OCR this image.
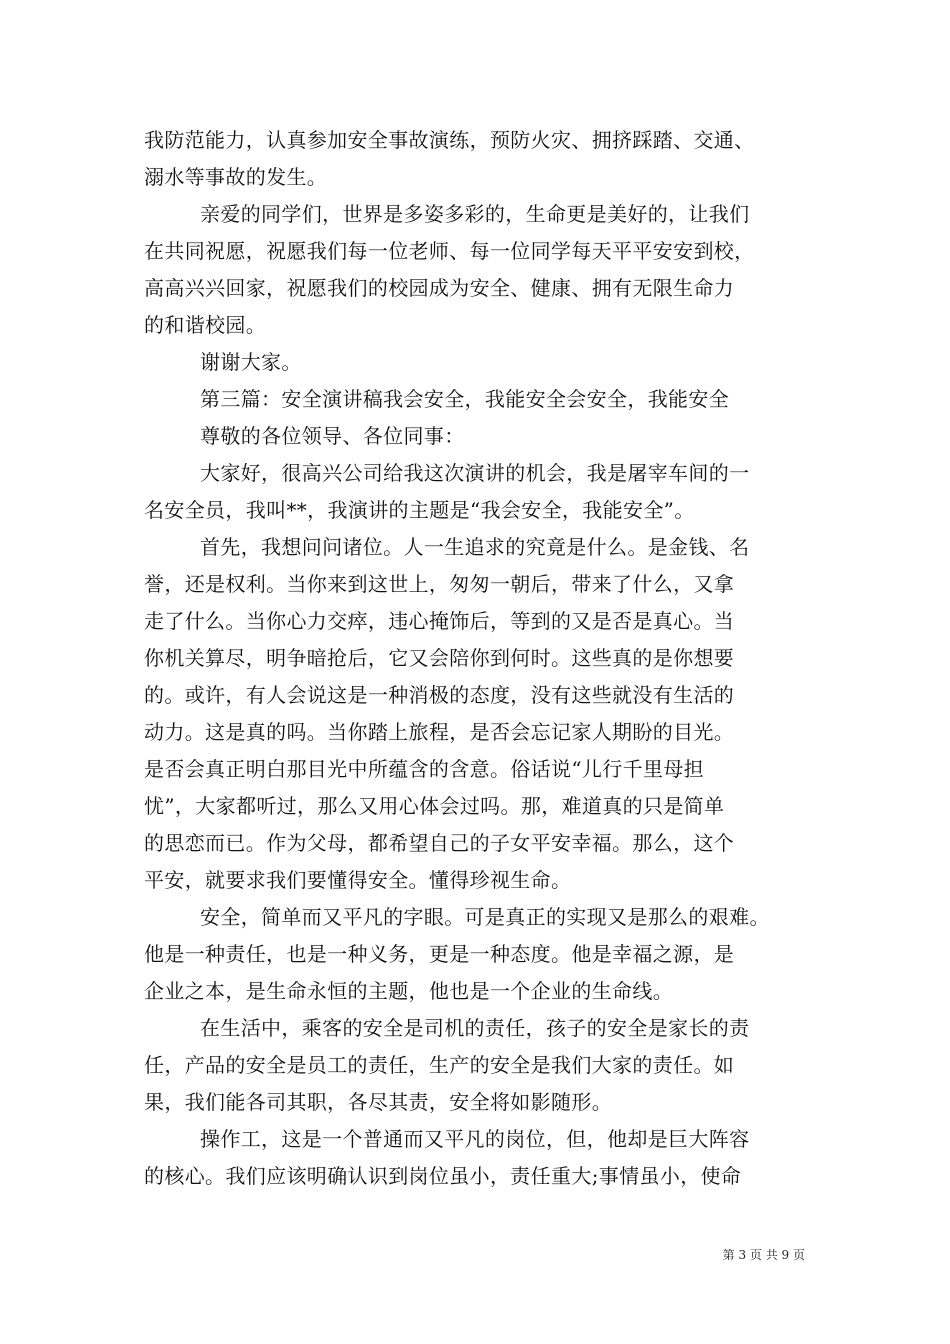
我防范能力，认真参加安全事故演练，预防火灾、拥挤踩踏、交通、
溺水等事故的发生。
亲爱的同学们，世界是多姿多彩的，生命更是美好的，让我们
在共同祝愿，祝愿我们每一位老师、每一位同学每天平平安安到校，
高高兴兴回家，祝愿我们的校园成为安全、健康、拥有无限生命力
的和谐校园。
谢谢大家。
第三篇：安全演讲稿我会安全，我能安全会安全，我能安全
尊敬的各位领导、各位同事：
大家好，很高兴公司给我这次演讲的机会，我是屠宰车间的一
名安全员，我叫**，我演讲的主题是“我会安全，我能安全”。
首先，我想问问诸位。人一生追求的究竟是什么。是金钱、名
誉，还是权利。当你来到这世上，匆匆一朝后，带来了什么，又拿
走了什么。当你心力交瘁，违心掩饰后，等到的又是否是真心。当
你机关算尽，明争暗抢后，它又会陪你到何时。这些真的是你想要
的。或许，有人会说这是一种消极的态度，没有这些就没有生活的
动力。这是真的吗。当你踏上旅程，是否会忘记家人期盼的目光。
是否会真正明白那目光中所蕴含的含意。俗话说“儿行千里母担
忧”，大家都听过，那么又用心体会过吗。那，难道真的只是简单
的思恋而已。作为父母，都希望自己的子女平安幸福。那么，这个
平安，就要求我们要懂得安全。懂得珍视生命。
安全，简单而又平凡的字眼。可是真正的实现又是那么的艰难。
他是一种责任，也是一种义务，更是一种态度。他是幸福之源，是
企业之本，是生命永恒的主题，他也是一个企业的生命线。
在生活中，乘客的安全是司机的责任，孩子的安全是家长的责
任，产品的安全是员工的责任，生产的安全是我们大家的责任。如
果，我们能各司其职，各尽其责，安全将如影随形。
操作工，这是一个普通而又平凡的岗位，但，他却是巨大阵容
的核心。我们应该明确认识到岗位虽小，责任重大;事情虽小，使命
第 3 页 共 9 页
